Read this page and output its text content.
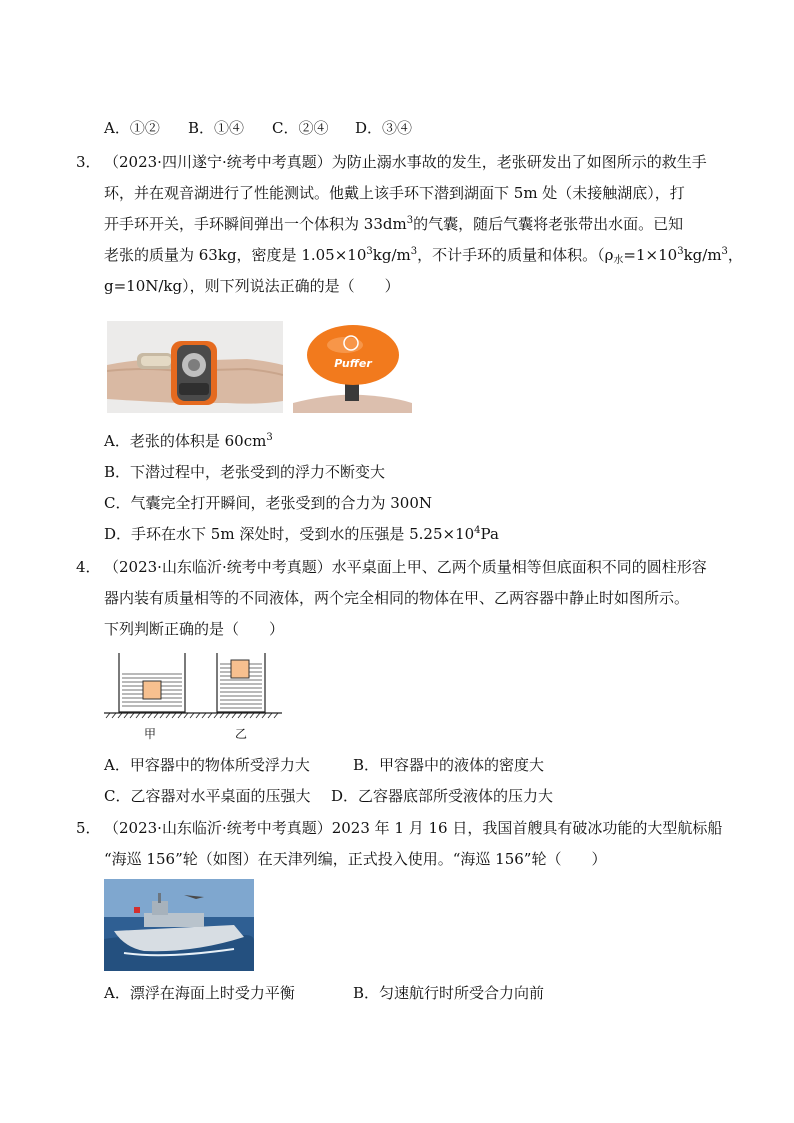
A．①② B．①④ C．②④ D．③④
3． （2023·四川遂宁·统考中考真题）为防止溺水事故的发生，老张研发出了如图所示的救生手
环，并在观音湖进行了性能测试。他戴上该手环下潜到湖面下 5m 处（未接触湖底），打
开手环开关，手环瞬间弹出一个体积为 $33dm^3$的气囊，随后气囊将老张带出水面。已知
老张的质量为 63kg，密度是 $1.05\times 10^3kg/m^3$，不计手环的质量和体积。（$\rho_水=1\times 10^3kg/m^3$，
g=10N/kg），则下列说法正确的是（　　）
Puffer
A．老张的体积是 $60cm^3$
B．下潜过程中，老张受到的浮力不断变大
C．气囊完全打开瞬间，老张受到的合力为 300N
D．手环在水下 5m 深处时，受到水的压强是 $5.25\times 10^4Pa$
4． （2023·山东临沂·统考中考真题）水平桌面上甲、乙两个质量相等但底面积不同的圆柱形容
器内装有质量相等的不同液体，两个完全相同的物体在甲、乙两容器中静止时如图所示。
下列判断正确的是（　　）
甲	乙
A．甲容器中的物体所受浮力大	B．甲容器中的液体的密度大
C．乙容器对水平桌面的压强大 D．乙容器底部所受液体的压力大
5． （2023·山东临沂·统考中考真题）2023 年 1 月 16 日，我国首艘具有破冰功能的大型航标船
“海巡 156”轮（如图）在天津列编，正式投入使用。“海巡 156”轮（　　）
A．漂浮在海面上时受力平衡	B．匀速航行时所受合力向前
